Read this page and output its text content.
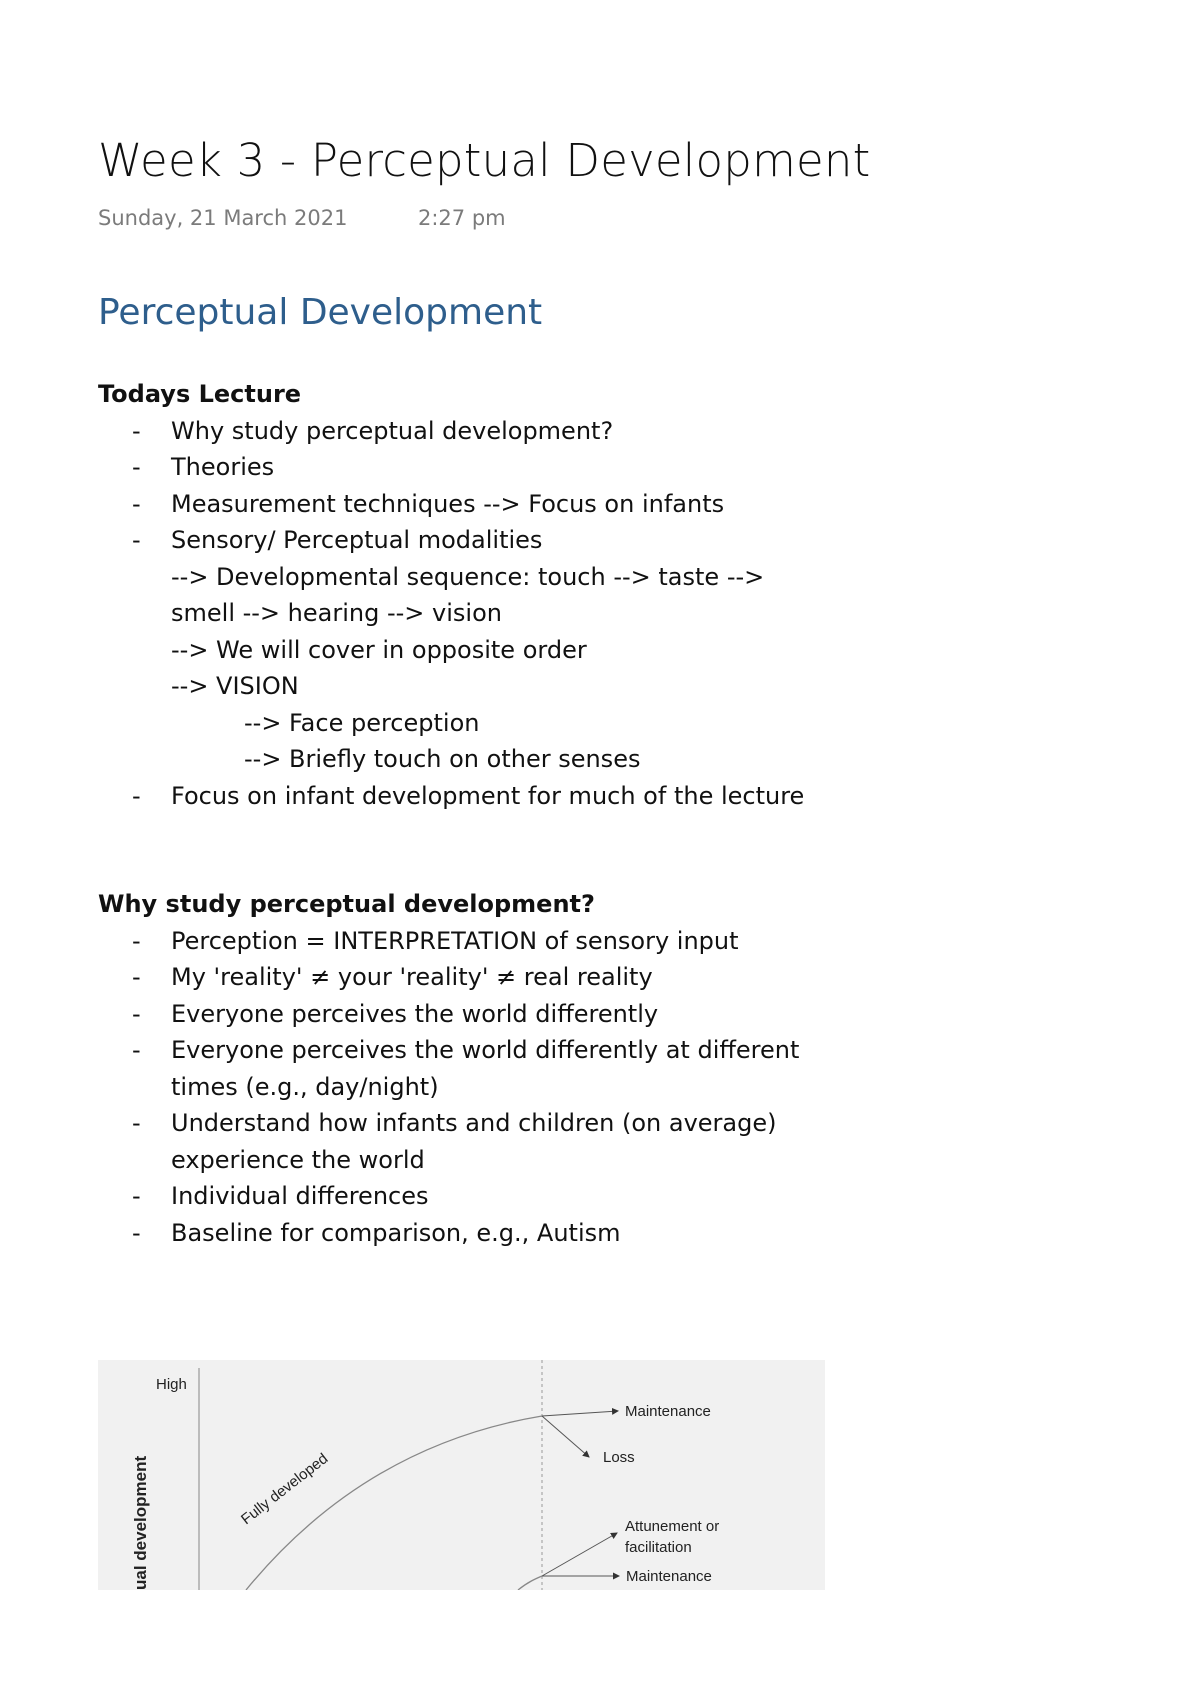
Week 3 - Perceptual Development
Sunday, 21 March 2021	2:27 pm
Perceptual Development
Todays Lecture
- Why study perceptual development?
- Theories
- Measurement techniques --> Focus on infants
- Sensory/ Perceptual modalities
--> Developmental sequence: touch --> taste -->
smell --> hearing --> vision
--> We will cover in opposite order
--> VISION
--> Face perception
--> Briefly touch on other senses
- Focus on infant development for much of the lecture
Why study perceptual development?
- Perception = INTERPRETATION of sensory input
- My 'reality' ≠ your 'reality' ≠ real reality
- Everyone perceives the world differently
- Everyone perceives the world differently at different times (e.g., day/night)
- Understand how infants and children (on average) experience the world
- Individual differences
- Baseline for comparison, e.g., Autism
High
ual development	Fully developed
Maintenance
Loss
Attunement or
facilitation
Maintenance
